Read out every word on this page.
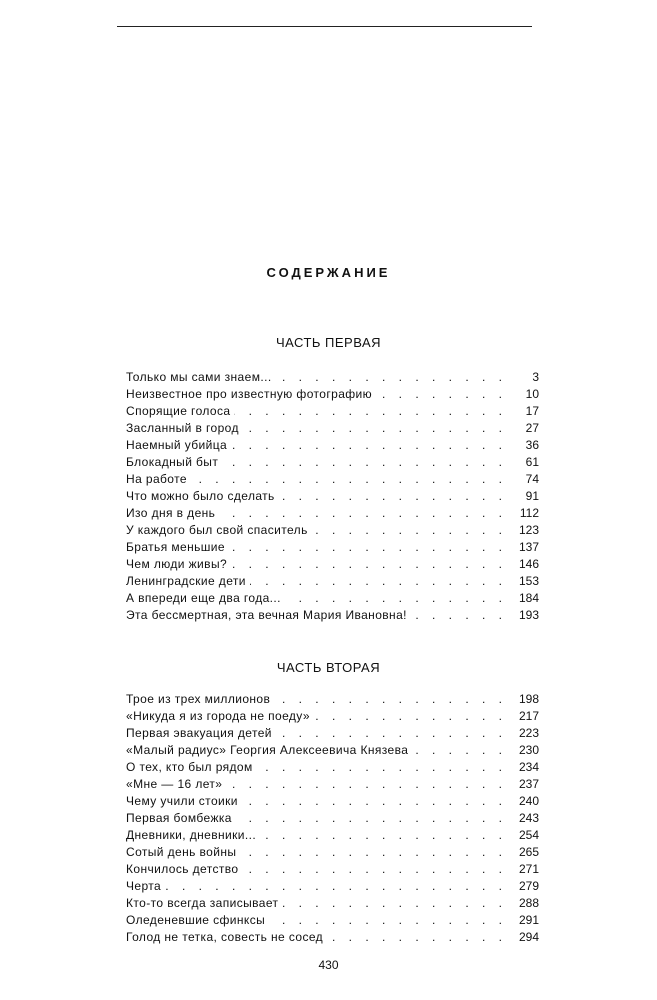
СОДЕРЖАНИЕ
ЧАСТЬ ПЕРВАЯ
Только мы сами знаем... . . .	3
Неизвестное про известную фотографию . . .	10
Спорящие голоса . . .	17
Засланный в город . . .	27
Наемный убийца . . .	36
Блокадный быт . . .	61
На работе . . .	74
Что можно было сделать . . .	91
Изо дня в день . . .	112
У каждого был свой спаситель . . .	123
Братья меньшие . . .	137
Чем люди живы? . . .	146
Ленинградские дети . . .	153
А впереди еще два года... . . .	184
Эта бессмертная, эта вечная Мария Ивановна! . . .	193
ЧАСТЬ ВТОРАЯ
Трое из трех миллионов . . .	198
«Никуда я из города не поеду» . . .	217
Первая эвакуация детей . . .	223
«Малый радиус» Георгия Алексеевича Князева . . .	230
О тех, кто был рядом . . .	234
«Мне — 16 лет» . . .	237
Чему учили стоики . . .	240
Первая бомбежка . . .	243
Дневники, дневники... . . .	254
Сотый день войны . . .	265
Кончилось детство . . .	271
Черта . . .	279
Кто-то всегда записывает . . .	288
Оледеневшие сфинксы . . .	291
Голод не тетка, совесть не сосед . . .	294
430
